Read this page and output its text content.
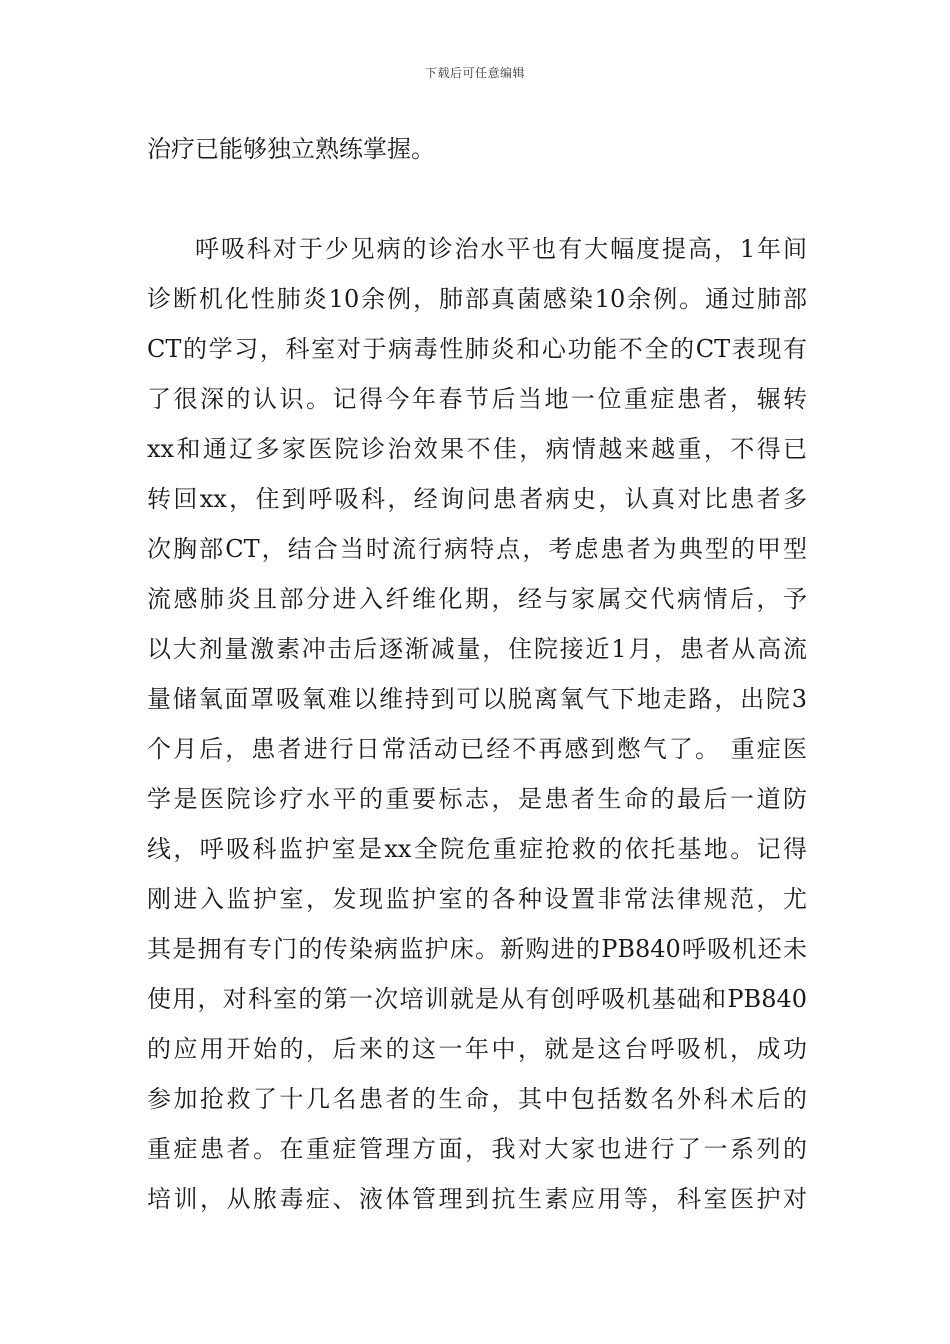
下载后可任意编辑
治疗已能够独立熟练掌握。
呼吸科对于少见病的诊治水平也有大幅度提高，1年间
诊断机化性肺炎10余例，肺部真菌感染10余例。通过肺部
CT的学习，科室对于病毒性肺炎和心功能不全的CT表现有
了很深的认识。记得今年春节后当地一位重症患者，辗转
xx和通辽多家医院诊治效果不佳，病情越来越重，不得已
转回xx，住到呼吸科，经询问患者病史，认真对比患者多
次胸部CT，结合当时流行病特点，考虑患者为典型的甲型
流感肺炎且部分进入纤维化期，经与家属交代病情后，予
以大剂量激素冲击后逐渐减量，住院接近1月，患者从高流
量储氧面罩吸氧难以维持到可以脱离氧气下地走路，出院3
个月后，患者进行日常活动已经不再感到憋气了。 重症医
学是医院诊疗水平的重要标志，是患者生命的最后一道防
线，呼吸科监护室是xx全院危重症抢救的依托基地。记得
刚进入监护室，发现监护室的各种设置非常法律规范，尤
其是拥有专门的传染病监护床。新购进的PB840呼吸机还未
使用，对科室的第一次培训就是从有创呼吸机基础和PB840
的应用开始的，后来的这一年中，就是这台呼吸机，成功
参加抢救了十几名患者的生命，其中包括数名外科术后的
重症患者。在重症管理方面，我对大家也进行了一系列的
培训，从脓毒症、液体管理到抗生素应用等，科室医护对
